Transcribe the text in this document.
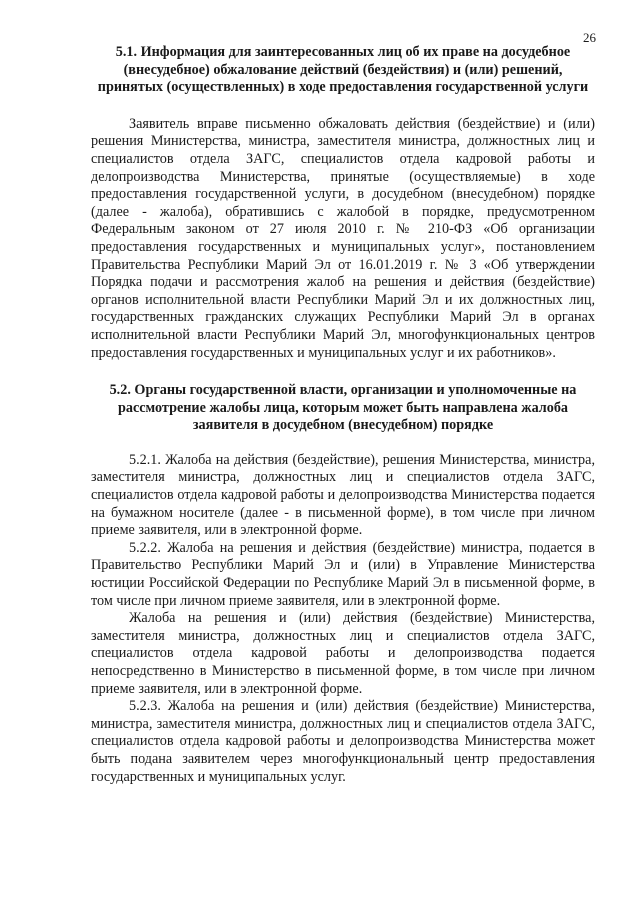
26
5.1. Информация для заинтересованных лиц об их праве на досудебное (внесудебное) обжалование действий (бездействия) и (или) решений, принятых (осуществленных) в ходе предоставления государственной услуги

Заявитель вправе письменно обжаловать действия (бездействие) и (или) решения Министерства, министра, заместителя министра, должностных лиц и специалистов отдела ЗАГС, специалистов отдела кадровой работы и делопроизводства Министерства, принятые (осуществляемые) в ходе предоставления государственной услуги, в досудебном (внесудебном) порядке (далее - жалоба), обратившись с жалобой в порядке, предусмотренном Федеральным законом от 27 июля 2010 г. № 210-ФЗ «Об организации предоставления государственных и муниципальных услуг», постановлением Правительства Республики Марий Эл от 16.01.2019 г. № 3 «Об утверждении Порядка подачи и рассмотрения жалоб на решения и действия (бездействие) органов исполнительной власти Республики Марий Эл и их должностных лиц, государственных гражданских служащих Республики Марий Эл в органах исполнительной власти Республики Марий Эл, многофункциональных центров предоставления государственных и муниципальных услуг и их работников».

5.2. Органы государственной власти, организации и уполномоченные на рассмотрение жалобы лица, которым может быть направлена жалоба заявителя в досудебном (внесудебном) порядке

5.2.1. Жалоба на действия (бездействие), решения Министерства, министра, заместителя министра, должностных лиц и специалистов отдела ЗАГС, специалистов отдела кадровой работы и делопроизводства Министерства подается на бумажном носителе (далее - в письменной форме), в том числе при личном приеме заявителя, или в электронной форме.

5.2.2. Жалоба на решения и действия (бездействие) министра, подается в Правительство Республики Марий Эл и (или) в Управление Министерства юстиции Российской Федерации по Республике Марий Эл в письменной форме, в том числе при личном приеме заявителя, или в электронной форме.

Жалоба на решения и (или) действия (бездействие) Министерства, заместителя министра, должностных лиц и специалистов отдела ЗАГС, специалистов отдела кадровой работы и делопроизводства подается непосредственно в Министерство в письменной форме, в том числе при личном приеме заявителя, или в электронной форме.

5.2.3. Жалоба на решения и (или) действия (бездействие) Министерства, министра, заместителя министра, должностных лиц и специалистов отдела ЗАГС, специалистов отдела кадровой работы и делопроизводства Министерства может быть подана заявителем через многофункциональный центр предоставления государственных и муниципальных услуг.
